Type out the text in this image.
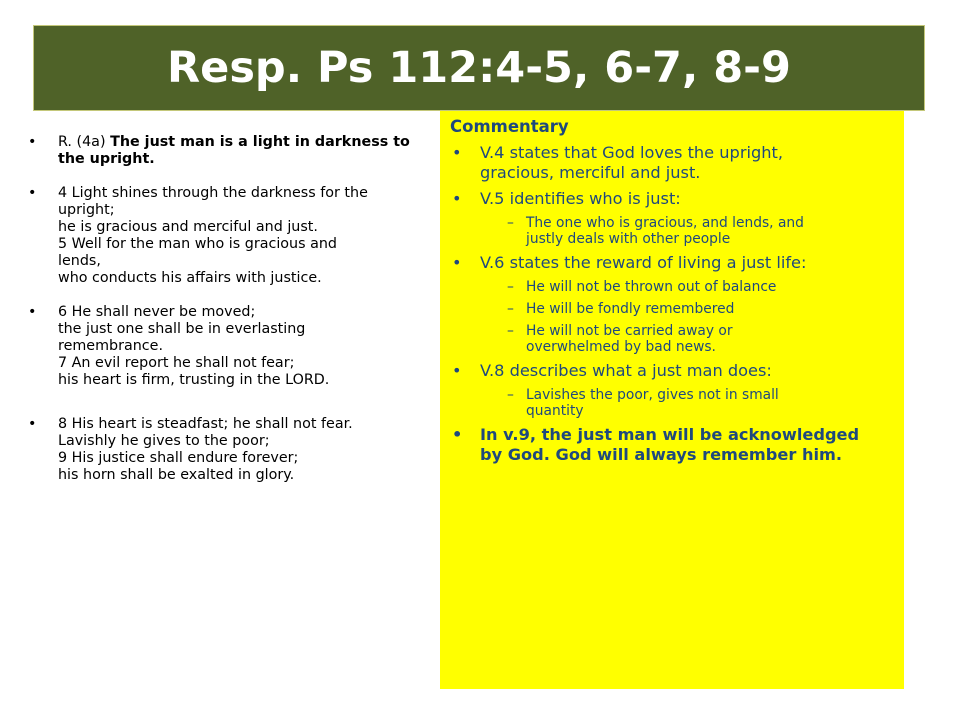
Resp. Ps 112:4-5, 6-7, 8-9
• R. (4a) The just man is a light in darkness to
the upright.
• 4 Light shines through the darkness for the
upright;
he is gracious and merciful and just.
5 Well for the man who is gracious and
lends,
who conducts his affairs with justice.
• 6 He shall never be moved;
the just one shall be in everlasting
remembrance.
7 An evil report he shall not fear;
his heart is firm, trusting in the LORD.
• 8 His heart is steadfast; he shall not fear.
Lavishly he gives to the poor;
9 His justice shall endure forever;
his horn shall be exalted in glory.
Commentary
• V.4 states that God loves the upright,
gracious, merciful and just.
• V.5 identifies who is just:
– The one who is gracious, and lends, and
justly deals with other people
• V.6 states the reward of living a just life:
– He will not be thrown out of balance
– He will be fondly remembered
– He will not be carried away or
overwhelmed by bad news.
• V.8 describes what a just man does:
– Lavishes the poor, gives not in small
quantity
• In v.9, the just man will be acknowledged
by God. God will always remember him.
